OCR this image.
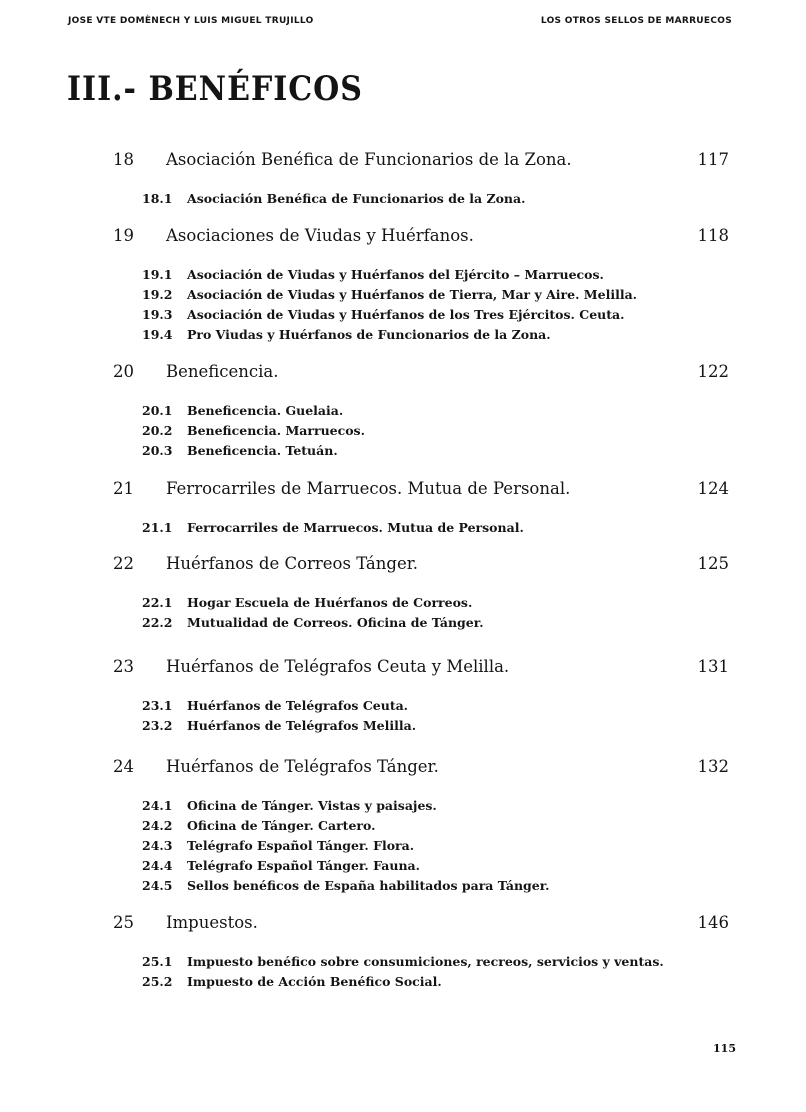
JOSE VTE DOMÈNECH Y LUIS MIGUEL TRUJILLO	LOS OTROS SELLOS DE MARRUECOS
III.- BENÉFICOS
18 Asociación Benéfica de Funcionarios de la Zona.	117
18.1 Asociación Benéfica de Funcionarios de la Zona.
19 Asociaciones de Viudas y Huérfanos.	118
19.1 Asociación de Viudas y Huérfanos del Ejército – Marruecos.
19.2 Asociación de Viudas y Huérfanos de Tierra, Mar y Aire. Melilla.
19.3 Asociación de Viudas y Huérfanos de los Tres Ejércitos. Ceuta.
19.4 Pro Viudas y Huérfanos de Funcionarios de la Zona.
20 Beneficencia.	122
20.1 Beneficencia. Guelaia.
20.2 Beneficencia. Marruecos.
20.3 Beneficencia. Tetuán.
21 Ferrocarriles de Marruecos. Mutua de Personal.	124
21.1 Ferrocarriles de Marruecos. Mutua de Personal.
22 Huérfanos de Correos Tánger.	125
22.1 Hogar Escuela de Huérfanos de Correos.
22.2 Mutualidad de Correos. Oficina de Tánger.
23 Huérfanos de Telégrafos Ceuta y Melilla.	131
23.1 Huérfanos de Telégrafos Ceuta.
23.2 Huérfanos de Telégrafos Melilla.
24 Huérfanos de Telégrafos Tánger.	132
24.1 Oficina de Tánger. Vistas y paisajes.
24.2 Oficina de Tánger. Cartero.
24.3 Telégrafo Español Tánger. Flora.
24.4 Telégrafo Español Tánger. Fauna.
24.5 Sellos benéficos de España habilitados para Tánger.
25 Impuestos.	146
25.1 Impuesto benéfico sobre consumiciones, recreos, servicios y ventas.
25.2 Impuesto de Acción Benéfico Social.
115
